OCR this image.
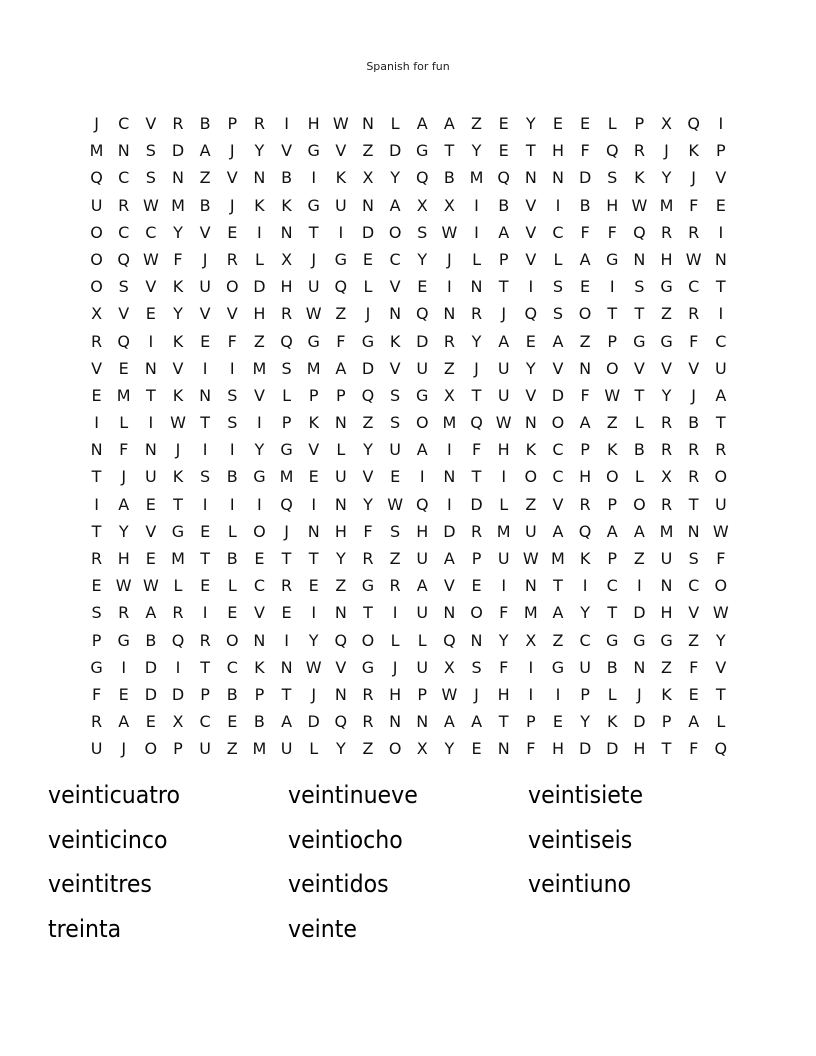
Spanish for fun
J	C	V	R	B	P	R	I	H W N	L	A	A	Z	E	Y	E	E	L	P	X Q	I
M N	S D A	J	Y	V G V	Z D G	T	Y	E	T	H	F	Q R	J	K	P
Q C	S	N Z	V N B	I	K	X	Y Q B M Q N N D S	K	Y	J	V
U R W M B	J	K	K G U N A	X	X	I	B	V	I	B H W M F	E
O C C	Y	V	E	I	N	T	I	D O S W	I	A	V	C	F	F	Q R	R	I
O Q W F	J	R	L	X	J	G E	C	Y	J	L	P	V	L	A G N H W N
O S	V	K	U O D H U Q	L	V	E	I	N	T	I	S	E	I	S G C	T
X	V	E	Y	V	V H R W Z	J	N Q N R	J	Q S O T	T	Z	R	I
R Q	I	K	E	F	Z Q G	F	G K D R	Y	A	E	A	Z	P	G G	F	C
V	E	N V	I	I	M S M A D V U Z	J	U	Y	V N O V	V	V U
E M T	K N	S	V	L	P	P	Q S G X	T	U V D	F W T	Y	J	A
I	L	I	W T	S	I	P	K N Z	S O M Q W N O A	Z	L	R	B	T
N	F	N	J	I	I	Y	G V	L	Y	U A	I	F	H K	C	P	K	B	R	R	R
T	J	U	K	S	B G M E	U V	E	I	N	T	I	O C H O	L	X	R O
I	A	E	T	I	I	I	Q	I	N	Y W Q	I	D	L	Z	V	R	P	O R	T	U
T	Y	V G E	L	O	J	N H	F	S	H D R M U A Q A	A M N W
R H	E M T	B	E	T	T	Y	R	Z U A	P	U W M K	P	Z U	S	F
E W W L	E	L	C R	E	Z G R	A	V	E	I	N	T	I	C	I	N C O
S	R	A	R	I	E	V	E	I	N	T	I	U N O	F M A	Y	T	D H V W
P	G B Q R O N	I	Y Q O	L	L	Q N	Y	X	Z	C G G G Z	Y
G	I	D	I	T	C	K N W V G	J	U X	S	F	I	G U B N Z	F	V
F	E D D	P	B	P	T	J	N R H	P W	J	H	I	I	P	L	J	K	E	T
R	A	E	X	C	E	B	A D Q R N N A	A	T	P	E	Y	K D	P	A	L
U	J	O	P	U Z M U	L	Y	Z O X	Y	E	N	F	H D D H	T	F	Q
veinticuatro	veintinueve	veintisiete
veinticinco	veintiocho	veintiseis
veintitres	veintidos	veintiuno
treinta	veinte
